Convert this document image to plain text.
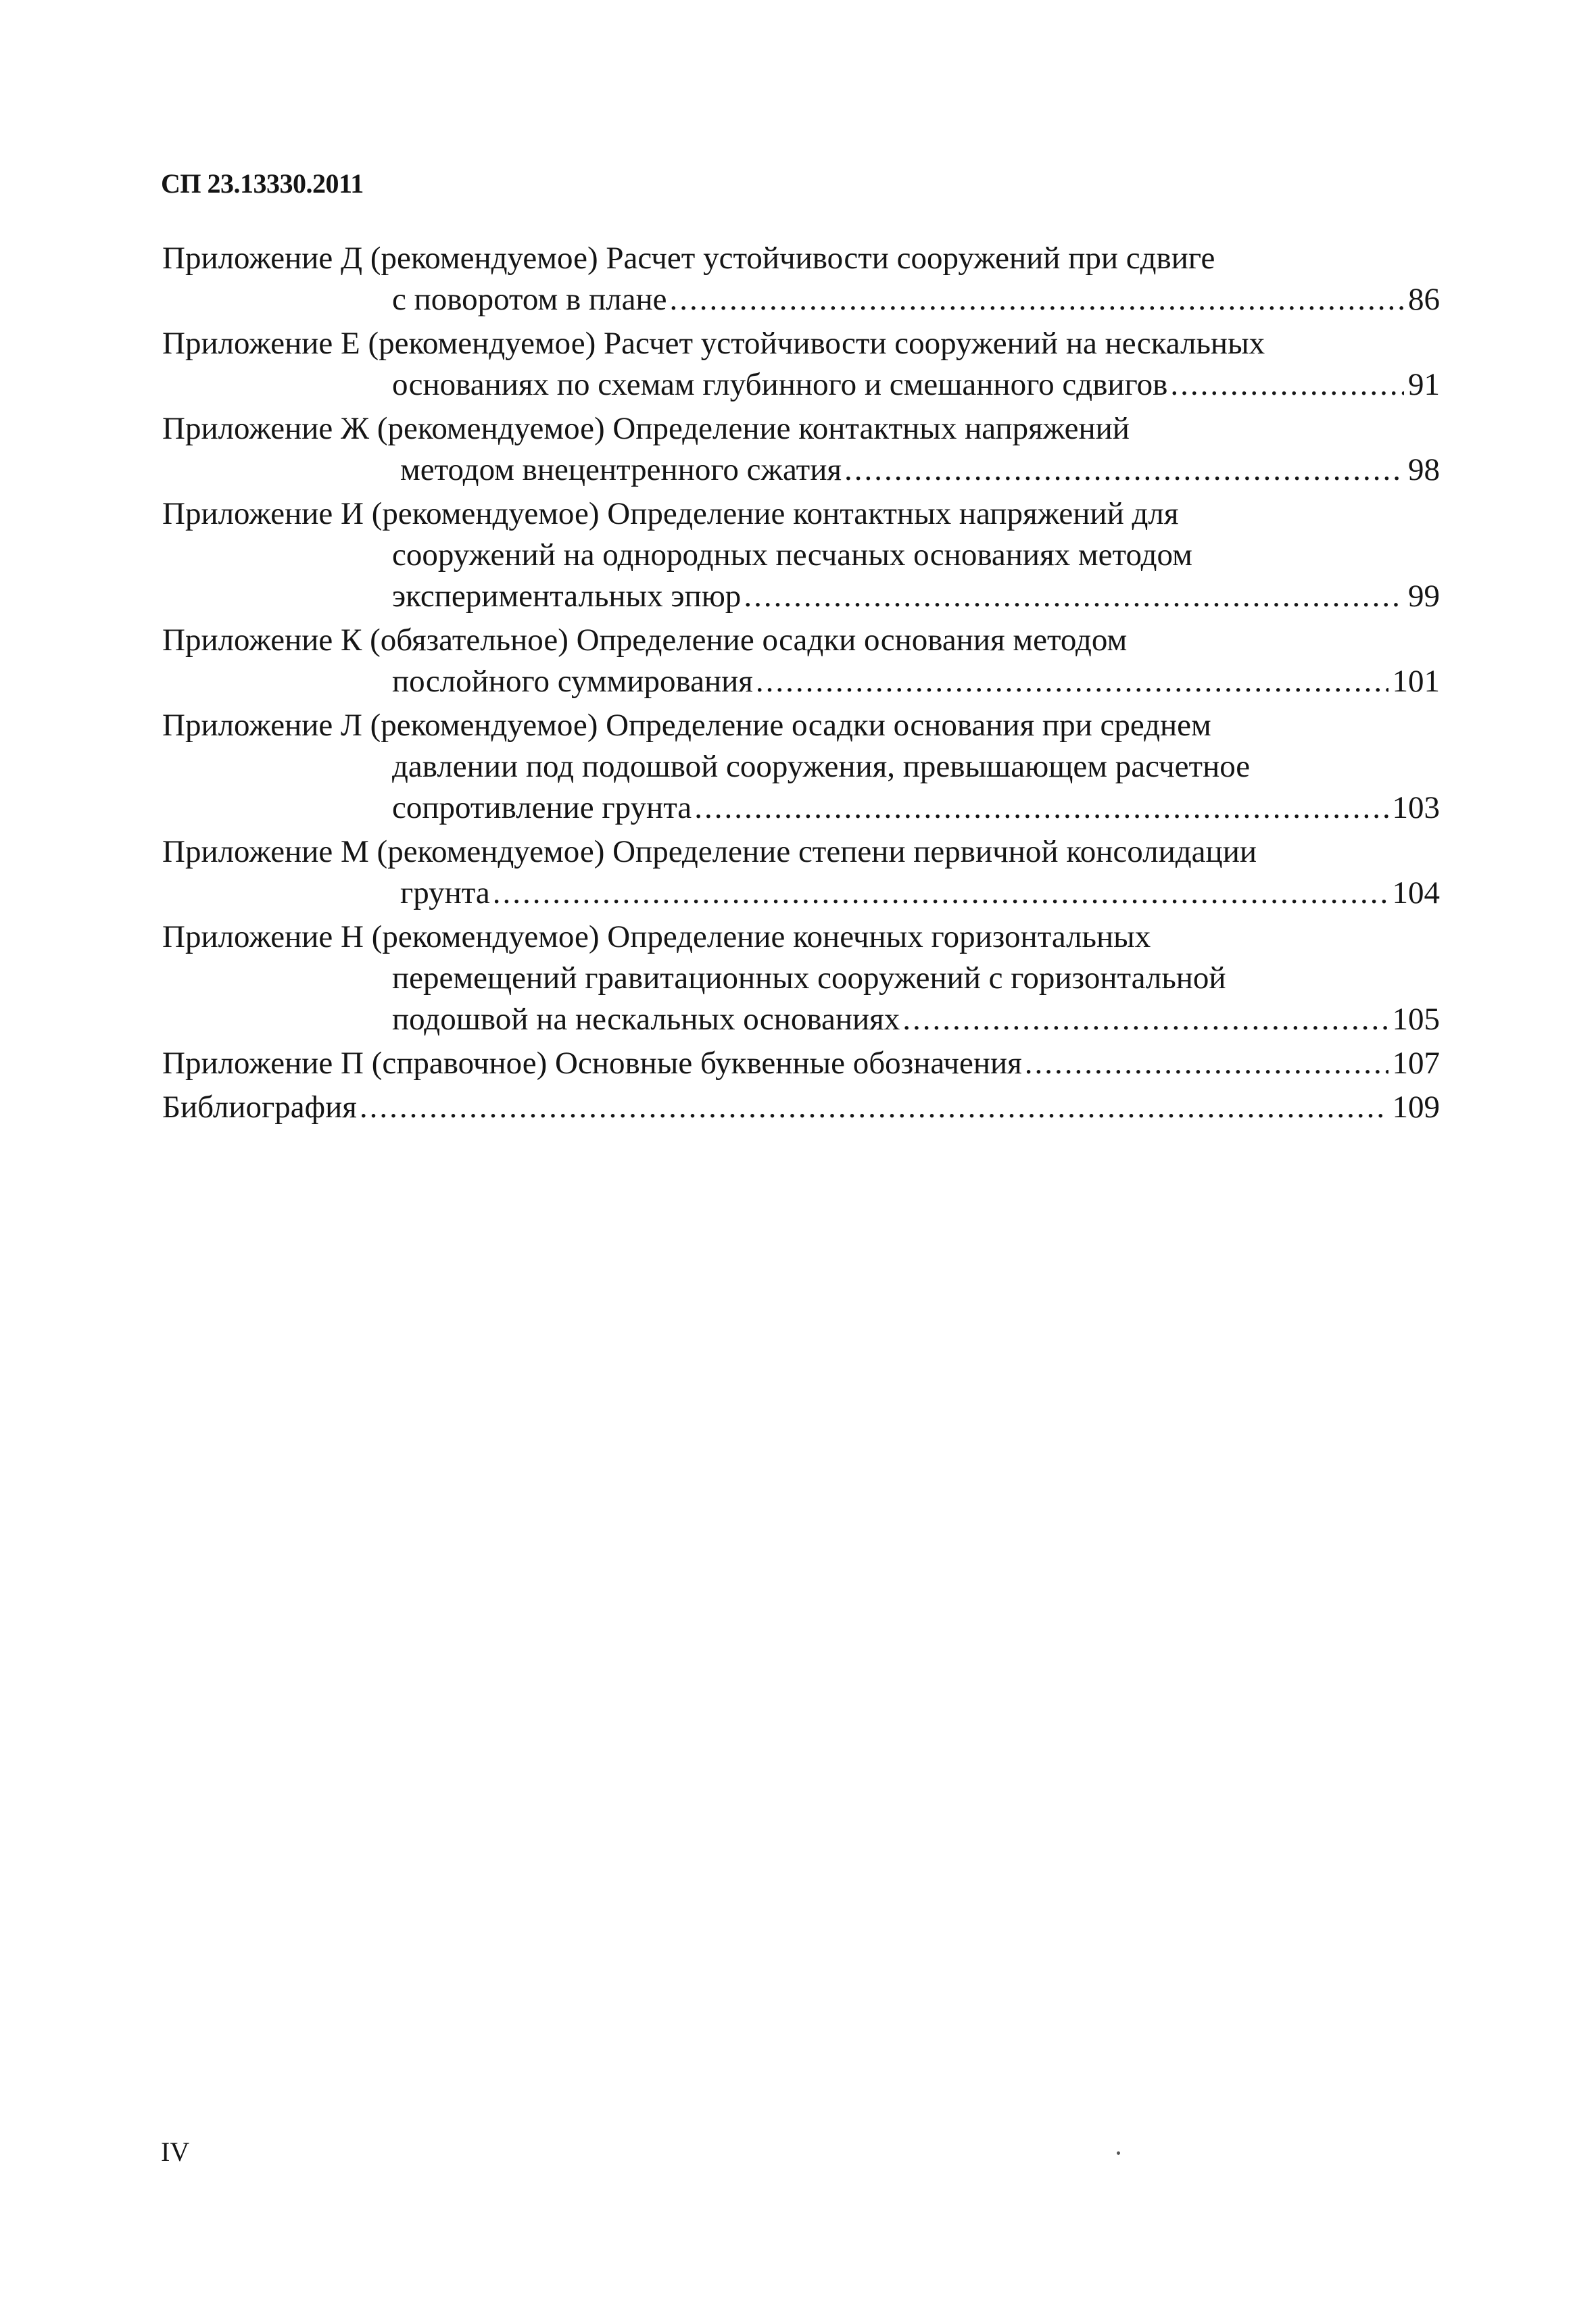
СП 23.13330.2011
Приложение Д (рекомендуемое) Расчет устойчивости сооружений при сдвиге
с поворотом в плане .....	86
Приложение Е (рекомендуемое) Расчет устойчивости сооружений на нескальных
основаниях по схемам глубинного и смешанного сдвигов .....	91
Приложение Ж (рекомендуемое) Определение контактных напряжений
методом внецентренного сжатия .....	98
Приложение И (рекомендуемое) Определение контактных напряжений для
сооружений на однородных песчаных основаниях методом
экспериментальных эпюр .....	99
Приложение К (обязательное) Определение осадки основания методом
послойного суммирования .....	101
Приложение Л (рекомендуемое) Определение осадки основания при среднем
давлении под подошвой сооружения, превышающем расчетное
сопротивление грунта .....	103
Приложение М (рекомендуемое) Определение степени первичной консолидации
грунта .....	104
Приложение Н (рекомендуемое) Определение конечных горизонтальных
перемещений гравитационных сооружений с горизонтальной
подошвой на нескальных основаниях .....	105
Приложение П (справочное) Основные буквенные обозначения .....	107
Библиография .....	109
IV
